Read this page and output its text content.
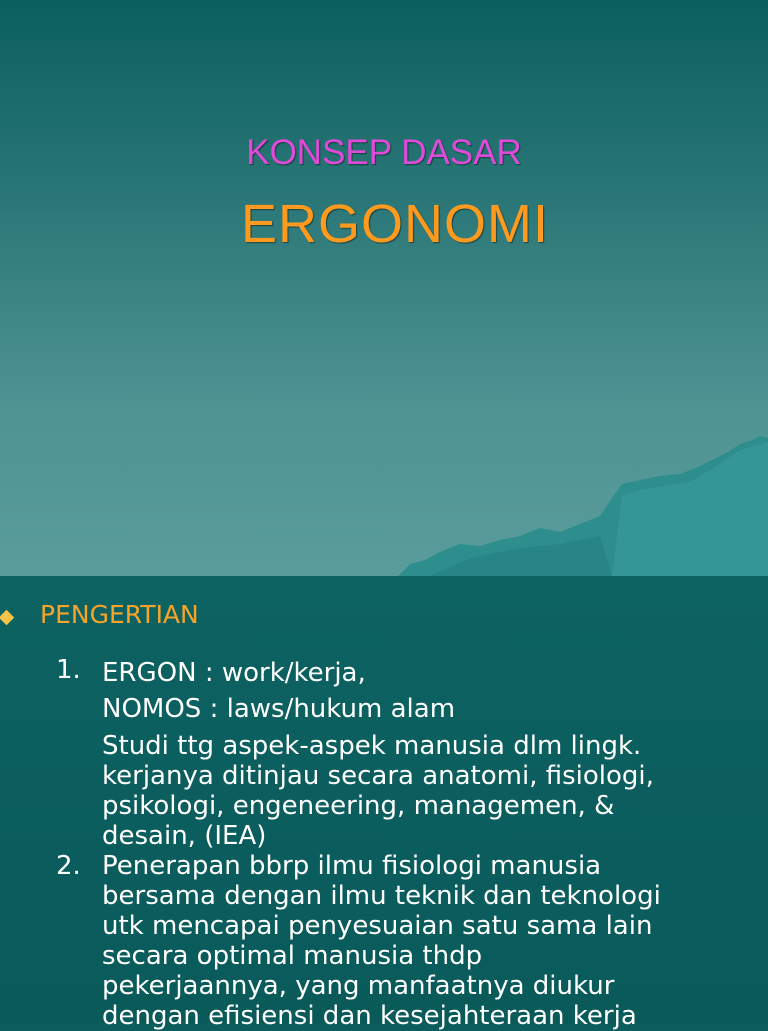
KONSEP DASAR
ERGONOMI
PENGERTIAN
1. ERGON : work/kerja,
NOMOS : laws/hukum alam
Studi ttg aspek-aspek manusia dlm lingk.
kerjanya ditinjau secara anatomi, fisiologi,
psikologi, engeneering, managemen, &
desain, (IEA)
2. Penerapan bbrp ilmu fisiologi manusia
bersama dengan ilmu teknik dan teknologi
utk mencapai penyesuaian satu sama lain
secara optimal manusia thdp
pekerjaannya, yang manfaatnya diukur
dengan efisiensi dan kesejahteraan kerja
